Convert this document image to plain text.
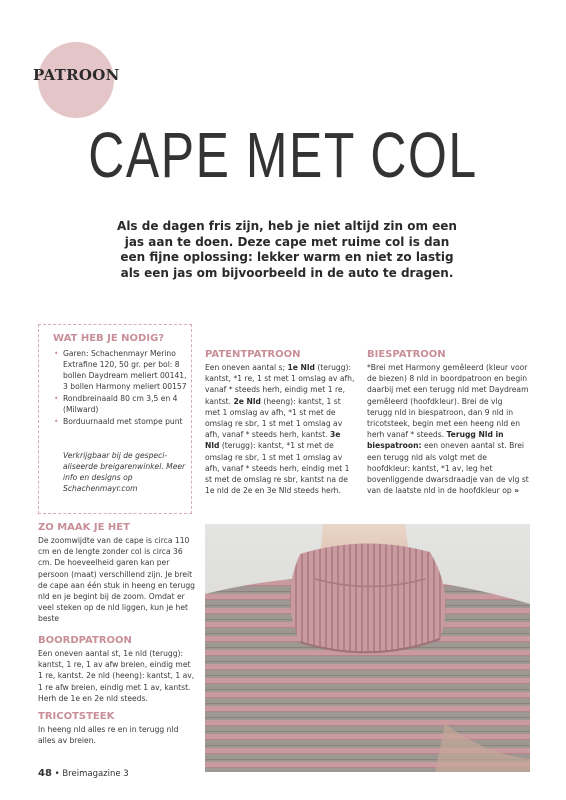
PATROON
CAPE MET COL

Als de dagen fris zijn, heb je niet altijd zin om een jas aan te doen. Deze cape met ruime col is dan een fijne oplossing: lekker warm en niet zo lastig als een jas om bijvoorbeeld in de auto te dragen.

WAT HEB JE NODIG?
• Garen: Schachenmayr Merino Extrafine 120, 50 gr. per bol: 8 bollen Daydream meliert 00141, 3 bollen Harmony meliert 00157
• Rondbreinaald 80 cm 3,5 en 4 (Milward)
• Borduurnaald met stompe punt

Verkrijgbaar bij de gespeci-aliseerde breigarenwinkel. Meer info en designs op Schachenmayr.com

PATENTPATROON

Een oneven aantal s; 1e Nld (terugg): kantst, *1 re, 1 st met 1 omslag av afh, vanaf * steeds herh, eindig met 1 re, kantst. 2e Nld (heeng): kantst, 1 st met 1 omslag av afh, *1 st met de omslag re sbr, 1 st met 1 omslag av afh, vanaf * steeds herh, kantst. 3e Nld (terugg): kantst, *1 st met de omslag re sbr, 1 st met 1 omslag av afh, vanaf * steeds herh, eindig met 1 st met de omslag re sbr, kantst na de 1e nld de 2e en 3e Nld steeds herh.

BIESPATROON

*Brei met Harmony gemêleerd (kleur voor de biezen) 8 nld in boordpatroon en begin daarbij met een terugg nld met Daydream gemêleerd (hoofdkleur). Brei de vlg terugg nld in biespatroon, dan 9 nld in tricotsteek, begin met een heeng nld en herh vanaf * steeds. Terugg Nld in biespatroon: een oneven aantal st. Brei een terugg nld als volgt met de hoofdkleur: kantst, *1 av, leg het bovenliggende dwarsdraadje van de vlg st van de laatste nld in de hoofdkleur op »

ZO MAAK JE HET

De zoomwijdte van de cape is circa 110 cm en de lengte zonder col is circa 36 cm. De hoeveelheid garen kan per persoon (maat) verschillend zijn. Je breit de cape aan één stuk in heeng en terugg nld en je begint bij de zoom. Omdat er veel steken op de nld liggen, kun je het beste

BOORDPATROON

Een oneven aantal st, 1e nld (terugg): kantst, 1 re, 1 av afw breien, eindig met 1 re, kantst. 2e nld (heeng): kantst, 1 av, 1 re afw breien, eindig met 1 av, kantst. Herh de 1e en 2e nld steeds.

TRICOTSTEEK

In heeng nld alles re en in terugg nld alles av breien.

48 • Breimagazine 3
PassionForum.ru
